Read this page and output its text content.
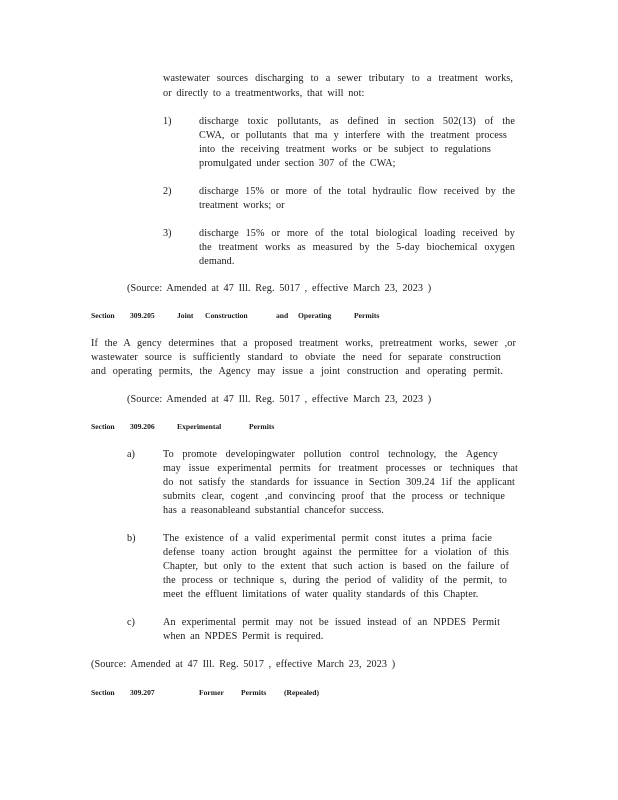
wastewater sources discharging to a sewer tributary to a treatment works,
or directly to a treatmentworks, that will not:
1)	discharge toxic pollutants, as defined in section 502(13) of the
CWA, or pollutants that ma y interfere with the treatment process
into the receiving treatment works or be subject to regulations
promulgated under section 307 of the CWA;
2)	discharge 15% or more of the total hydraulic flow received by the
treatment works; or
3)	discharge 15% or more of the total biological loading received by
the treatment works as measured by the 5-day biochemical oxygen
demand.
(Source: Amended at 47 Ill. Reg. 5017 , effective March 23, 2023 )
Section 309.205	Joint Construction	and Operating	Permits
If the A gency determines that a proposed treatment works, pretreatment works, sewer ,or
wastewater source is sufficiently standard to obviate the need for separate construction
and operating permits, the Agency may issue a joint construction and operating permit.
(Source: Amended at 47 Ill. Reg. 5017 , effective March 23, 2023 )
Section 309.206	Experimental	Permits
a)	To promote developingwater pollution control technology, the Agency
may issue experimental permits for treatment processes or techniques that
do not satisfy the standards for issuance in Section 309.24 1if the applicant
submits clear, cogent ,and convincing proof that the process or technique
has a reasonableand substantial chancefor success.
b)	The existence of a valid experimental permit const itutes a prima facie
defense toany action brought against the permittee for a violation of this
Chapter, but only to the extent that such action is based on the failure of
the process or technique s, during the period of validity of the permit, to
meet the effluent limitations of water quality standards of this Chapter.
c)	An experimental permit may not be issued instead of an NPDES Permit
when an NPDES Permit is required.
(Source: Amended at 47 Ill. Reg. 5017 , effective March 23, 2023 )
Section 309.207	Former Permits (Repealed)
